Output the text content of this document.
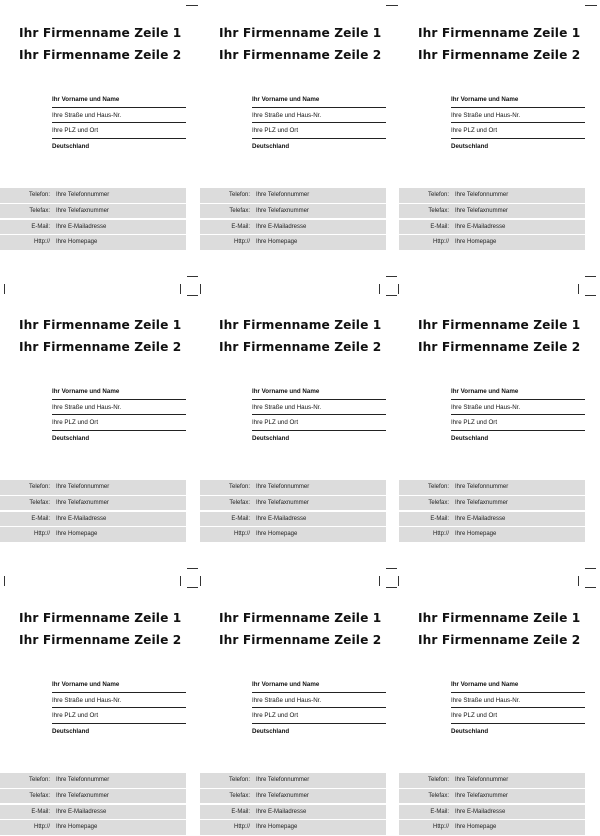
Ihr Firmenname Zeile 1
Ihr Firmenname Zeile 2
Ihr Vorname und Name
Ihre Straße und Haus-Nr.
Ihre PLZ und Ort
Deutschland
Telefon: Ihre Telefonnummer
Telefax: Ihre Telefaxnummer
E-Mail: Ihre E-Mailadresse
Http:// Ihre Homepage
Ihr Firmenname Zeile 1
Ihr Firmenname Zeile 2
Ihr Vorname und Name
Ihre Straße und Haus-Nr.
Ihre PLZ und Ort
Deutschland
Telefon: Ihre Telefonnummer
Telefax: Ihre Telefaxnummer
E-Mail: Ihre E-Mailadresse
Http:// Ihre Homepage
Ihr Firmenname Zeile 1
Ihr Firmenname Zeile 2
Ihr Vorname und Name
Ihre Straße und Haus-Nr.
Ihre PLZ und Ort
Deutschland
Telefon: Ihre Telefonnummer
Telefax: Ihre Telefaxnummer
E-Mail: Ihre E-Mailadresse
Http:// Ihre Homepage
Ihr Firmenname Zeile 1
Ihr Firmenname Zeile 2
Ihr Vorname und Name
Ihre Straße und Haus-Nr.
Ihre PLZ und Ort
Deutschland
Telefon: Ihre Telefonnummer
Telefax: Ihre Telefaxnummer
E-Mail: Ihre E-Mailadresse
Http:// Ihre Homepage
Ihr Firmenname Zeile 1
Ihr Firmenname Zeile 2
Ihr Vorname und Name
Ihre Straße und Haus-Nr.
Ihre PLZ und Ort
Deutschland
Telefon: Ihre Telefonnummer
Telefax: Ihre Telefaxnummer
E-Mail: Ihre E-Mailadresse
Http:// Ihre Homepage
Ihr Firmenname Zeile 1
Ihr Firmenname Zeile 2
Ihr Vorname und Name
Ihre Straße und Haus-Nr.
Ihre PLZ und Ort
Deutschland
Telefon: Ihre Telefonnummer
Telefax: Ihre Telefaxnummer
E-Mail: Ihre E-Mailadresse
Http:// Ihre Homepage
Ihr Firmenname Zeile 1
Ihr Firmenname Zeile 2
Ihr Vorname und Name
Ihre Straße und Haus-Nr.
Ihre PLZ und Ort
Deutschland
Telefon: Ihre Telefonnummer
Telefax: Ihre Telefaxnummer
E-Mail: Ihre E-Mailadresse
Http:// Ihre Homepage
Ihr Firmenname Zeile 1
Ihr Firmenname Zeile 2
Ihr Vorname und Name
Ihre Straße und Haus-Nr.
Ihre PLZ und Ort
Deutschland
Telefon: Ihre Telefonnummer
Telefax: Ihre Telefaxnummer
E-Mail: Ihre E-Mailadresse
Http:// Ihre Homepage
Ihr Firmenname Zeile 1
Ihr Firmenname Zeile 2
Ihr Vorname und Name
Ihre Straße und Haus-Nr.
Ihre PLZ und Ort
Deutschland
Telefon: Ihre Telefonnummer
Telefax: Ihre Telefaxnummer
E-Mail: Ihre E-Mailadresse
Http:// Ihre Homepage
